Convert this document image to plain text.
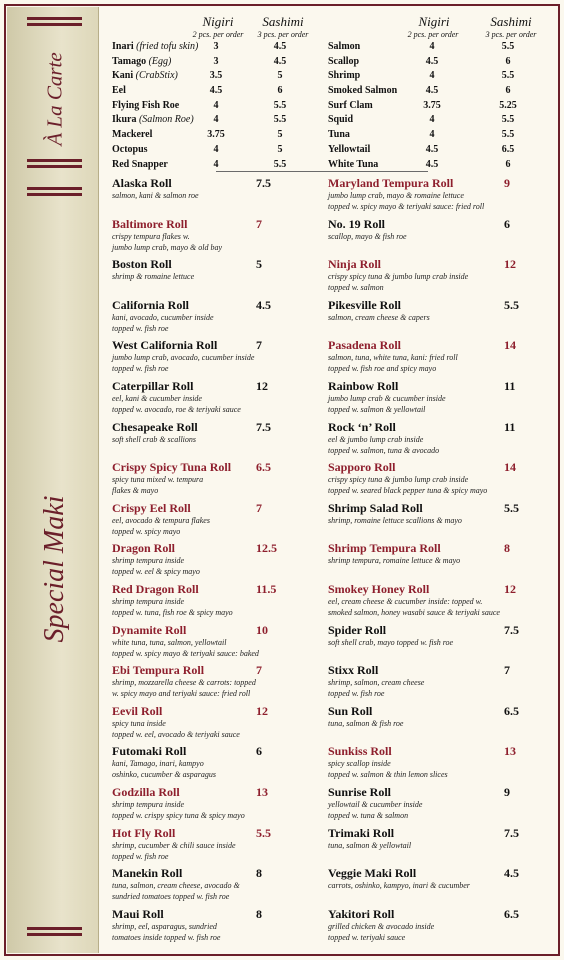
À La Carte
Special Maki
Nigiri	Sashimi
2 pcs. per order	3 pcs. per order
Inari (fried tofu skin)	3	4.5
Tamago (Egg)	3	4.5
Kani (CrabStix)	3.5	5
Eel	4.5	6
Flying Fish Roe	4	5.5
Ikura (Salmon Roe)	4	5.5
Mackerel	3.75	5
Octopus	4	5
Red Snapper	4	5.5
Nigiri	Sashimi
2 pcs. per order	3 pcs. per order
Salmon	4	5.5
Scallop	4.5	6
Shrimp	4	5.5
Smoked Salmon	4.5	6
Surf Clam	3.75	5.25
Squid	4	5.5
Tuna	4	5.5
Yellowtail	4.5	6.5
White Tuna	4.5	6
Alaska Roll	7.5
salmon, kani & salmon roe
Baltimore Roll	7
crispy tempura flakes w.
jumbo lump crab, mayo & old bay
Boston Roll	5
shrimp & romaine lettuce
California Roll	4.5
kani, avocado, cucumber inside
topped w. fish roe
West California Roll	7
jumbo lump crab, avocado, cucumber inside
topped w. fish roe
Caterpillar Roll	12
eel, kani & cucumber inside
topped w. avocado, roe & teriyaki sauce
Chesapeake Roll	7.5
soft shell crab & scallions
Crispy Spicy Tuna Roll	6.5
spicy tuna mixed w. tempura
flakes & mayo
Crispy Eel Roll	7
eel, avocado & tempura flakes
topped w. spicy mayo
Dragon Roll	12.5
shrimp tempura inside
topped w. eel & spicy mayo
Red Dragon Roll	11.5
shrimp tempura inside
topped w. tuna, fish roe & spicy mayo
Dynamite Roll	10
white tuna, tuna, salmon, yellowtail
topped w. spicy mayo & teriyaki sauce: baked
Ebi Tempura Roll	7
shrimp, mozzarella cheese & carrots: topped
w. spicy mayo and teriyaki sauce: fried roll
Eevil Roll	12
spicy tuna inside
topped w. eel, avocado & teriyaki sauce
Futomaki Roll	6
kani, Tamago, inari, kampyo
oshinko, cucumber & asparagus
Godzilla Roll	13
shrimp tempura inside
topped w. crispy spicy tuna & spicy mayo
Hot Fly Roll	5.5
shrimp, cucumber & chili sauce inside
topped w. fish roe
Manekin Roll	8
tuna, salmon, cream cheese, avocado &
sundried tomatoes topped w. fish roe
Maui Roll	8
shrimp, eel, asparagus, sundried
tomatoes inside topped w. fish roe
Maryland Tempura Roll	9
jumbo lump crab, mayo & romaine lettuce
topped w. spicy mayo & teriyaki sauce: fried roll
No. 19 Roll	6
scallop, mayo & fish roe
Ninja Roll	12
crispy spicy tuna & jumbo lump crab inside
topped w. salmon
Pikesville Roll	5.5
salmon, cream cheese & capers
Pasadena Roll	14
salmon, tuna, white tuna, kani: fried roll
topped w. fish roe and spicy mayo
Rainbow Roll	11
jumbo lump crab & cucumber inside
topped w. salmon & yellowtail
Rock ‘n’ Roll	11
eel & jumbo lump crab inside
topped w. salmon, tuna & avocado
Sapporo Roll	14
crispy spicy tuna & jumbo lump crab inside
topped w. seared black pepper tuna & spicy mayo
Shrimp Salad Roll	5.5
shrimp, romaine lettuce scallions & mayo
Shrimp Tempura Roll	8
shrimp tempura, romaine lettuce & mayo
Smokey Honey Roll	12
eel, cream cheese & cucumber inside: topped w.
smoked salmon, honey wasabi sauce & teriyaki sauce
Spider Roll	7.5
soft shell crab, mayo topped w. fish roe
Stixx Roll	7
shrimp, salmon, cream cheese
topped w. fish roe
Sun Roll	6.5
tuna, salmon & fish roe
Sunkiss Roll	13
spicy scallop inside
topped w. salmon & thin lemon slices
Sunrise Roll	9
yellowtail & cucumber inside
topped w. tuna & salmon
Trimaki Roll	7.5
tuna, salmon & yellowtail
Veggie Maki Roll	4.5
carrots, oshinko, kampyo, inari & cucumber
Yakitori Roll	6.5
grilled chicken & avocado inside
topped w. teriyaki sauce
